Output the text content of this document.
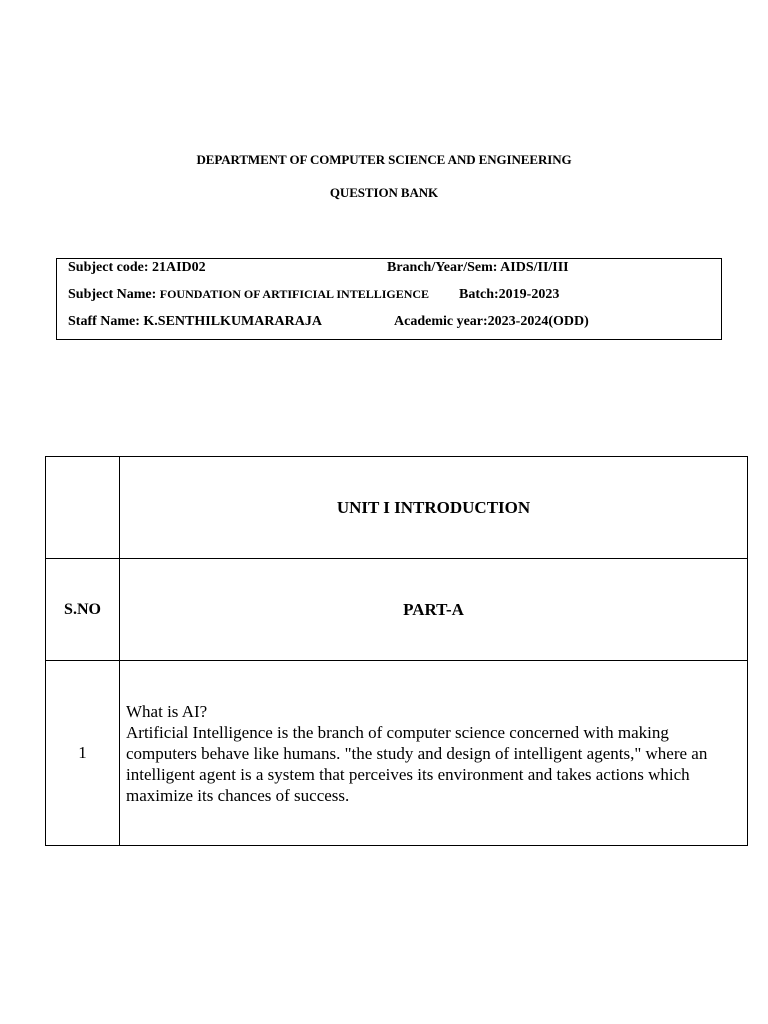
DEPARTMENT OF COMPUTER SCIENCE AND ENGINEERING
QUESTION BANK
Subject code: 21AID02	Branch/Year/Sem: AIDS/II/III
Subject Name: FOUNDATION OF ARTIFICIAL INTELLIGENCE Batch:2019-2023
Staff Name: K.SENTHILKUMARARAJA	Academic year:2023-2024(ODD)
	UNIT I INTRODUCTION
S.NO	PART-A
1	What is AI?
Artificial Intelligence is the branch of computer science concerned with making computers behave like humans. "the study and design of intelligent agents," where an intelligent agent is a system that perceives its environment and takes actions which maximize its chances of success.
